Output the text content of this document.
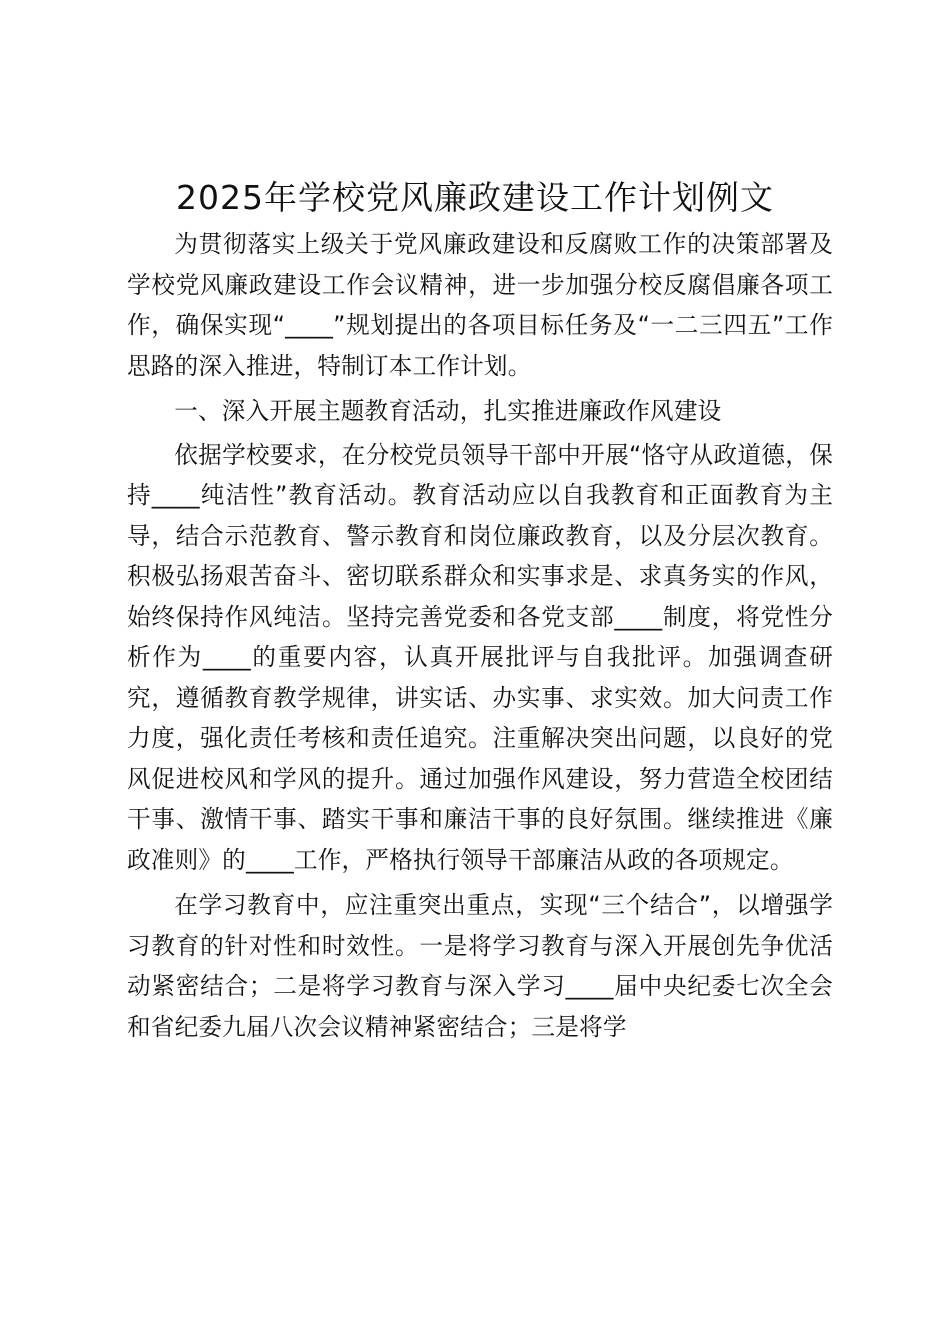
2025年学校党风廉政建设工作计划例文

为贯彻落实上级关于党风廉政建设和反腐败工作的决策部署及学校党风廉政建设工作会议精神，进一步加强分校反腐倡廉各项工作，确保实现“____”规划提出的各项目标任务及“一二三四五”工作思路的深入推进，特制订本工作计划。

一、深入开展主题教育活动，扎实推进廉政作风建设

依据学校要求，在分校党员领导干部中开展“恪守从政道德，保持____纯洁性”教育活动。教育活动应以自我教育和正面教育为主导，结合示范教育、警示教育和岗位廉政教育，以及分层次教育。积极弘扬艰苦奋斗、密切联系群众和实事求是、求真务实的作风，始终保持作风纯洁。坚持完善党委和各党支部____制度，将党性分析作为____的重要内容，认真开展批评与自我批评。加强调查研究，遵循教育教学规律，讲实话、办实事、求实效。加大问责工作力度，强化责任考核和责任追究。注重解决突出问题，以良好的党风促进校风和学风的提升。通过加强作风建设，努力营造全校团结干事、激情干事、踏实干事和廉洁干事的良好氛围。继续推进《廉政准则》的____工作，严格执行领导干部廉洁从政的各项规定。

在学习教育中，应注重突出重点，实现“三个结合”，以增强学习教育的针对性和时效性。一是将学习教育与深入开展创先争优活动紧密结合；二是将学习教育与深入学习____届中央纪委七次全会和省纪委九届八次会议精神紧密结合；三是将学
